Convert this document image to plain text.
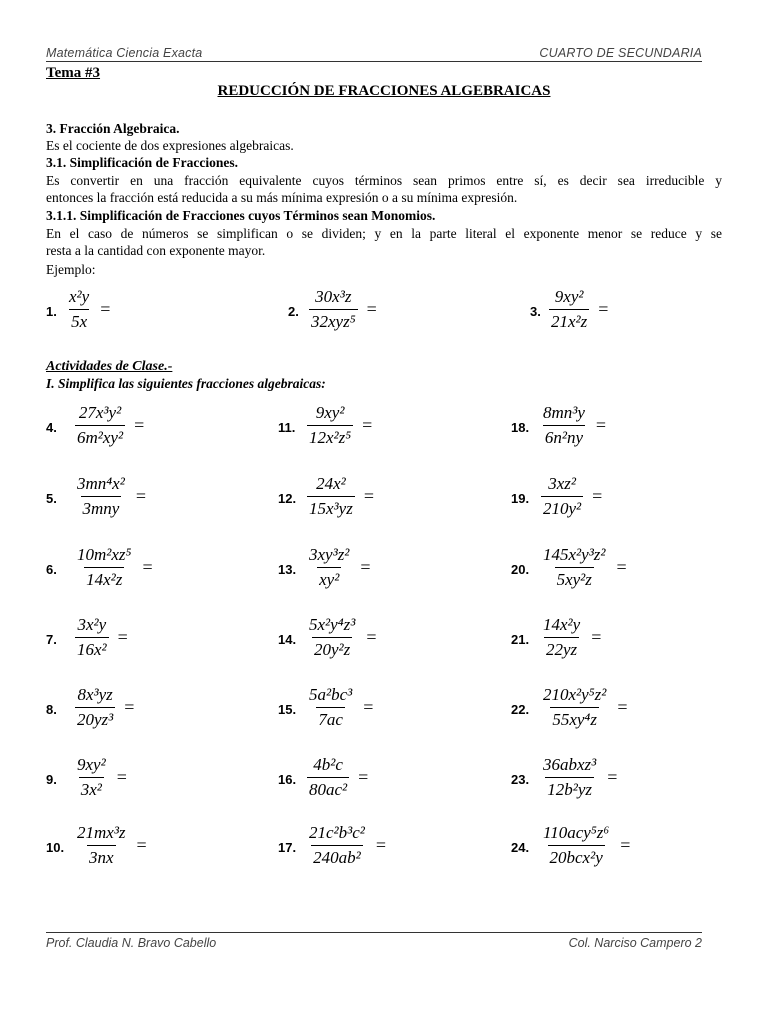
Matemática Ciencia Exacta	CUARTO DE SECUNDARIA
Tema #3
REDUCCIÓN DE FRACCIONES ALGEBRAICAS
3. Fracción Algebraica.
Es el cociente de dos expresiones algebraicas.
3.1. Simplificación de Fracciones.
Es convertir en una fracción equivalente cuyos términos sean primos entre sí, es decir sea irreducible y
entonces la fracción está reducida a su más mínima expresión o a su mínima expresión.
3.1.1. Simplificación de Fracciones cuyos Términos sean Monomios.
En el caso de números se simplifican o se dividen; y en la parte literal el exponente menor se reduce y se
resta a la cantidad con exponente mayor.
Ejemplo:
1. $\frac{\text{x²y}}{5x}$ =	2.
30x³z
32xyz⁵
=	3. $\frac{\text{9xy²}}{\text{21x²z}}$ =
Actividades de Clase.-
I. Simplifica las siguientes fracciones algebraicas:
4. $\frac{\text{27x³y²}}{\text{6m²xy²}}$ =
5.
3mn⁴x²
3mny
=
6. $\frac{\text{10m²xz⁵}}{\text{14x²z}}$ =
7. $\frac{\text{3x²y}}{\text{16x²}}$ =
8. $\frac{\text{8x³yz}}{\text{20yz³}}$ =
9. $\frac{\text{9xy²}}{\text{3x²}}$ =
10. $\frac{\text{21mx³z}}{3nx}$ =
11. $\frac{\text{9xy²}}{\text{12x²z⁵}}$ =
12. $\frac{\text{24x²}}{\text{15x³yz}}$ =
13. $\frac{\text{3xy³z²}}{\text{xy²}}$ =
14. $\frac{\text{5x²y⁴z³}}{\text{20y²z}}$ =
15. $\frac{\text{5a²bc³}}{7ac}$ =
16. $\frac{\text{4b²c}}{\text{80ac²}}$ =
17. $\frac{\text{21c²b³c²}}{\text{240ab²}}$ =
18. $\frac{\text{8mn³y}}{\text{6n²ny}}$ =
19. $\frac{\text{3xz²}}{\text{210y²}}$ =
20. $\frac{\text{145x²y³z²}}{\text{5xy²z}}$ =
21. $\frac{\text{14x²y}}{22yz}$ =
22. $\frac{\text{210x²y⁵z²}}{\text{55xy⁴z}}$ =
23.
36abxz³
12b²yz
=
24.
110acy⁵z⁶
20bcx²y
=
Prof. Claudia N. Bravo Cabello	Col. Narciso Campero 2
